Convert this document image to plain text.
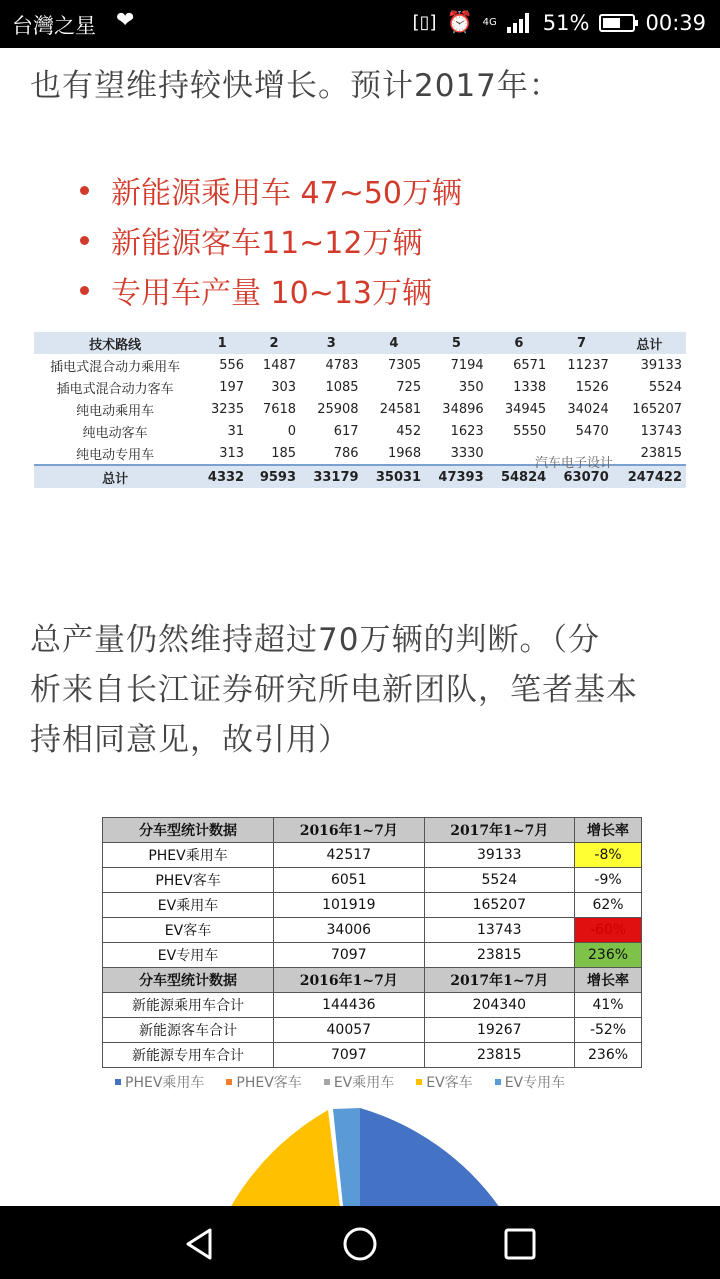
台灣之星 ❤	[▯] ⏰ 4G 51%	00:39
也有望维持较快增长。预计2017年：
新能源乘用车 47~50万辆
新能源客车11~12万辆
专用车产量 10~13万辆
技术路线	1	2	3	4	5	6	7	总计
插电式混合动力乘用车	556	1487	4783	7305	7194	6571	11237	39133
插电式混合动力客车	197	303	1085	725	350	1338	1526	5524
纯电动乘用车	3235	7618	25908	24581	34896	34945	34024	165207
纯电动客车	31	0	617	452	1623	5550	5470	13743
纯电动专用车	313	185	786	1968	3330			23815
总计	4332	9593	33179	35031	47393	54824	63070	247422
汽车电子设计
总产量仍然维持超过70万辆的判断。（分
析来自长江证券研究所电新团队，笔者基本
持相同意见，故引用）
分车型统计数据	2016年1~7月	2017年1~7月	增长率
PHEV乘用车	42517	39133	-8%
PHEV客车	6051	5524	-9%
EV乘用车	101919	165207	62%
EV客车	34006	13743	-60%
EV专用车	7097	23815	236%
分车型统计数据	2016年1~7月	2017年1~7月	增长率
新能源乘用车合计	144436	204340	41%
新能源客车合计	40057	19267	-52%
新能源专用车合计	7097	23815	236%
PHEV乘用车 PHEV客车 EV乘用车 EV客车 EV专用车
